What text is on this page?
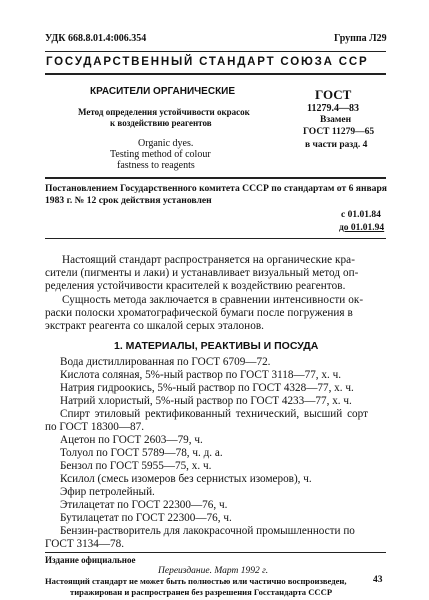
УДК 668.8.01.4:006.354	Группа Л29
ГОСУДАРСТВЕННЫЙ СТАНДАРТ СОЮЗА ССР
КРАСИТЕЛИ ОРГАНИЧЕСКИЕ
Метод определения устойчивости окрасок
к воздействию реагентов
Organic dyes.
Testing method of colour
fastness to reagents
ГОСТ
11279.4—83
Взамен
ГОСТ 11279—65
в части разд. 4
Постановлением Государственного комитета СССР по стандартам от 6 января
1983 г. № 12 срок действия установлен
с 01.01.84
до 01.01.94
Настоящий стандарт распространяется на органические кра-
сители (пигменты и лаки) и устанавливает визуальный метод оп-
ределения устойчивости красителей к воздействию реагентов.
Сущность метода заключается в сравнении интенсивности ок-
раски полоски хроматографической бумаги после погружения в
экстракт реагента со шкалой серых эталонов.
1. МАТЕРИАЛЫ, РЕАКТИВЫ И ПОСУДА
Вода дистиллированная по ГОСТ 6709—72.
Кислота соляная, 5%-ный раствор по ГОСТ 3118—77, х. ч.
Натрия гидроокись, 5%-ный раствор по ГОСТ 4328—77, х. ч.
Натрий хлористый, 5%-ный раствор по ГОСТ 4233—77, х. ч.
Спирт этиловый ректификованный технический, высший сорт
по ГОСТ 18300—87.
Ацетон по ГОСТ 2603—79, ч.
Толуол по ГОСТ 5789—78, ч. д. а.
Бензол по ГОСТ 5955—75, х. ч.
Ксилол (смесь изомеров без сернистых изомеров), ч.
Эфир петролейный.
Этилацетат по ГОСТ 22300—76, ч.
Бутилацетат по ГОСТ 22300—76, ч.
Бензин-растворитель для лакокрасочной промышленности по
ГОСТ 3134—78.
Издание официальное
Переиздание. Март 1992 г.
Настоящий стандарт не может быть полностью или частично воспроизведен,
тиражирован и распространен без разрешения Госстандарта СССР
43
